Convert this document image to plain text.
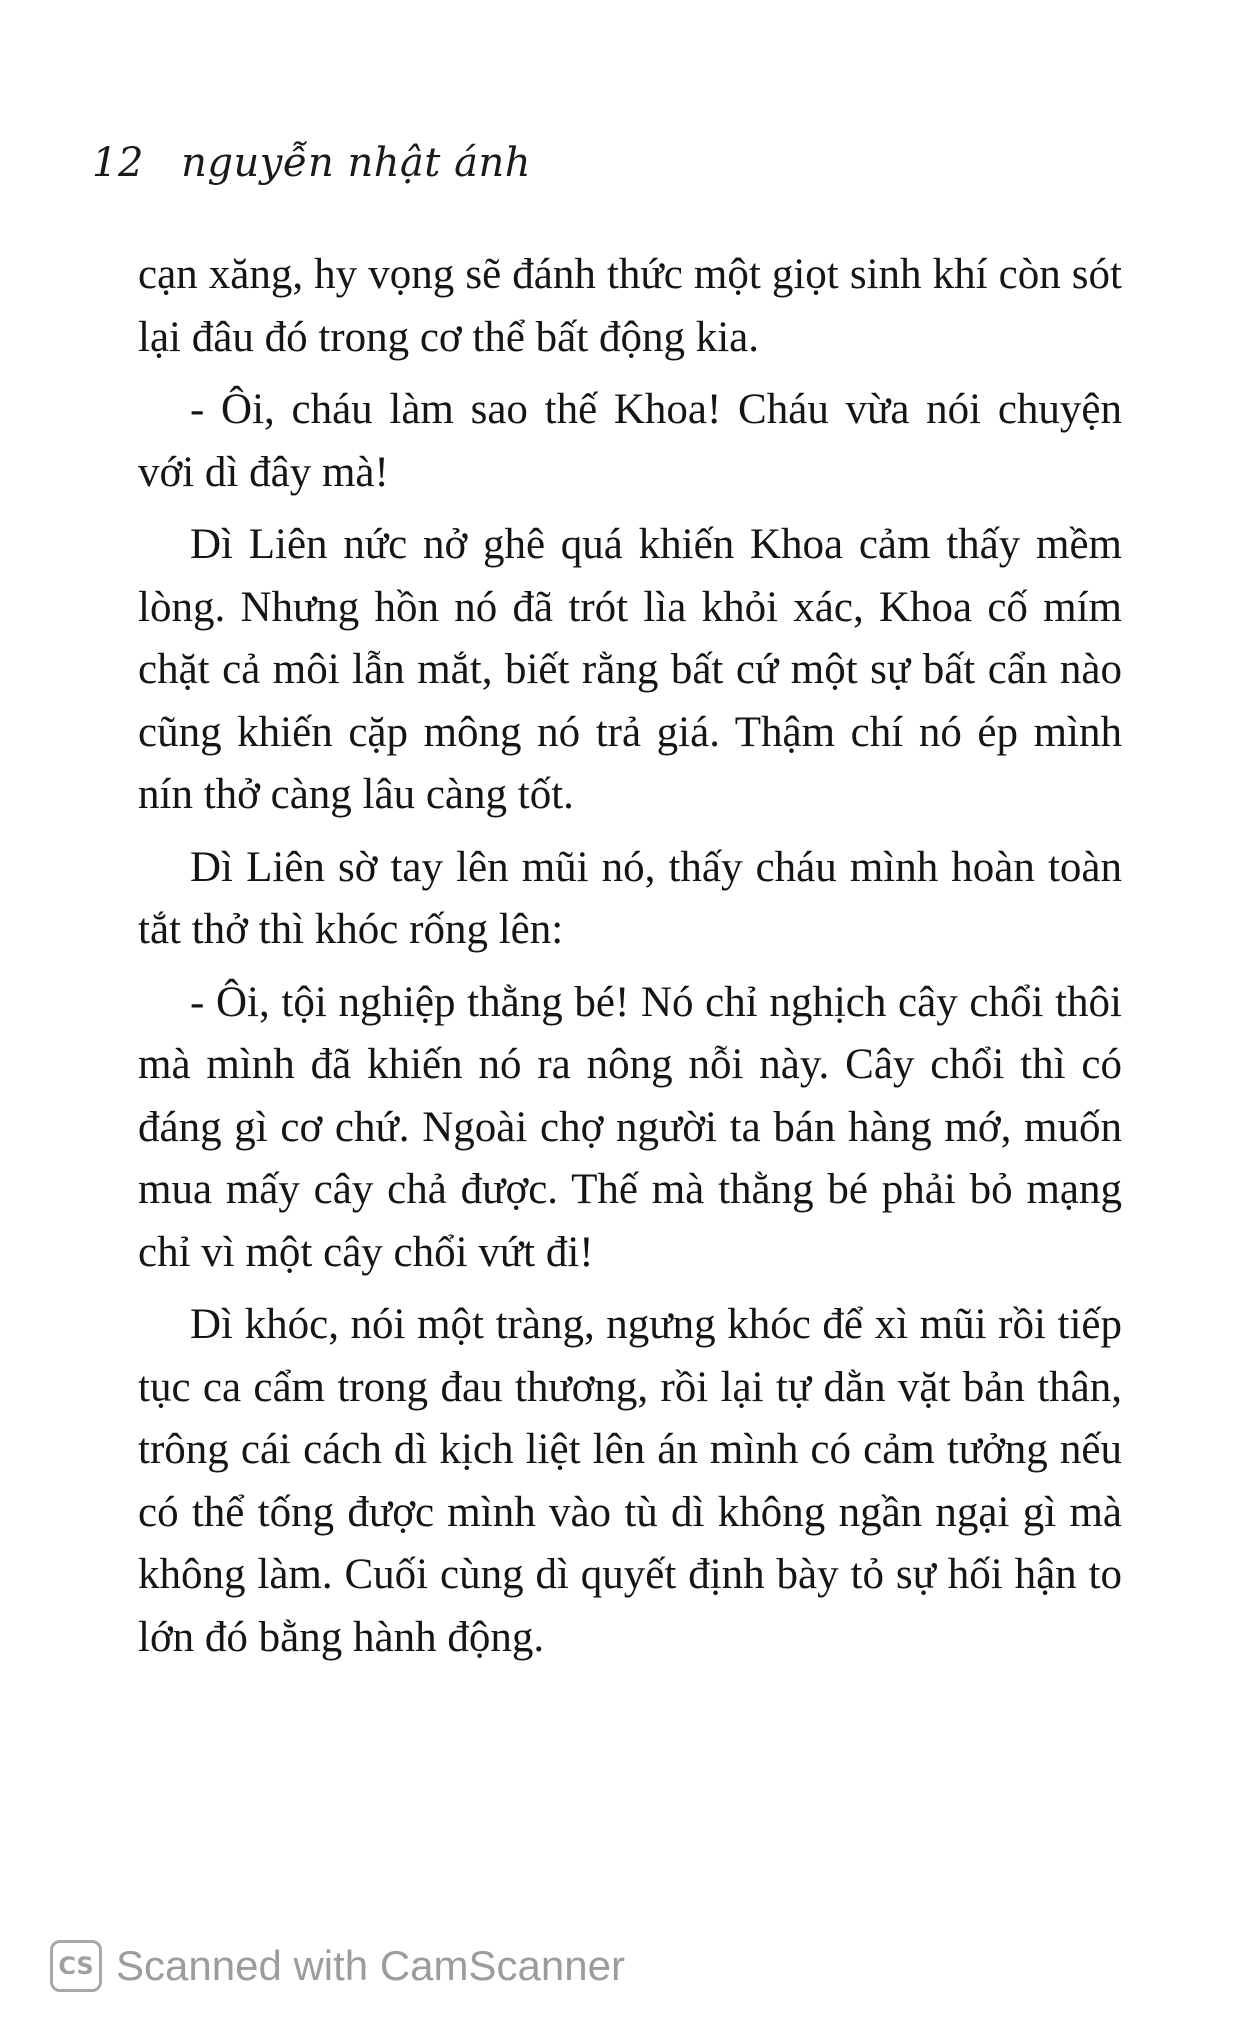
12 nguyễn nhật ánh

cạn xăng, hy vọng sẽ đánh thức một giọt sinh khí còn sót lại đâu đó trong cơ thể bất động kia.

- Ôi, cháu làm sao thế Khoa! Cháu vừa nói chuyện với dì đây mà!

Dì Liên nức nở ghê quá khiến Khoa cảm thấy mềm lòng. Nhưng hồn nó đã trót lìa khỏi xác, Khoa cố mím chặt cả môi lẫn mắt, biết rằng bất cứ một sự bất cẩn nào cũng khiến cặp mông nó trả giá. Thậm chí nó ép mình nín thở càng lâu càng tốt.

Dì Liên sờ tay lên mũi nó, thấy cháu mình hoàn toàn tắt thở thì khóc rống lên:

- Ôi, tội nghiệp thằng bé! Nó chỉ nghịch cây chổi thôi mà mình đã khiến nó ra nông nỗi này. Cây chổi thì có đáng gì cơ chứ. Ngoài chợ người ta bán hàng mớ, muốn mua mấy cây chả được. Thế mà thằng bé phải bỏ mạng chỉ vì một cây chổi vứt đi!

Dì khóc, nói một tràng, ngưng khóc để xì mũi rồi tiếp tục ca cẩm trong đau thương, rồi lại tự dằn vặt bản thân, trông cái cách dì kịch liệt lên án mình có cảm tưởng nếu có thể tống được mình vào tù dì không ngần ngại gì mà không làm. Cuối cùng dì quyết định bày tỏ sự hối hận to lớn đó bằng hành động.

CS Scanned with CamScanner
